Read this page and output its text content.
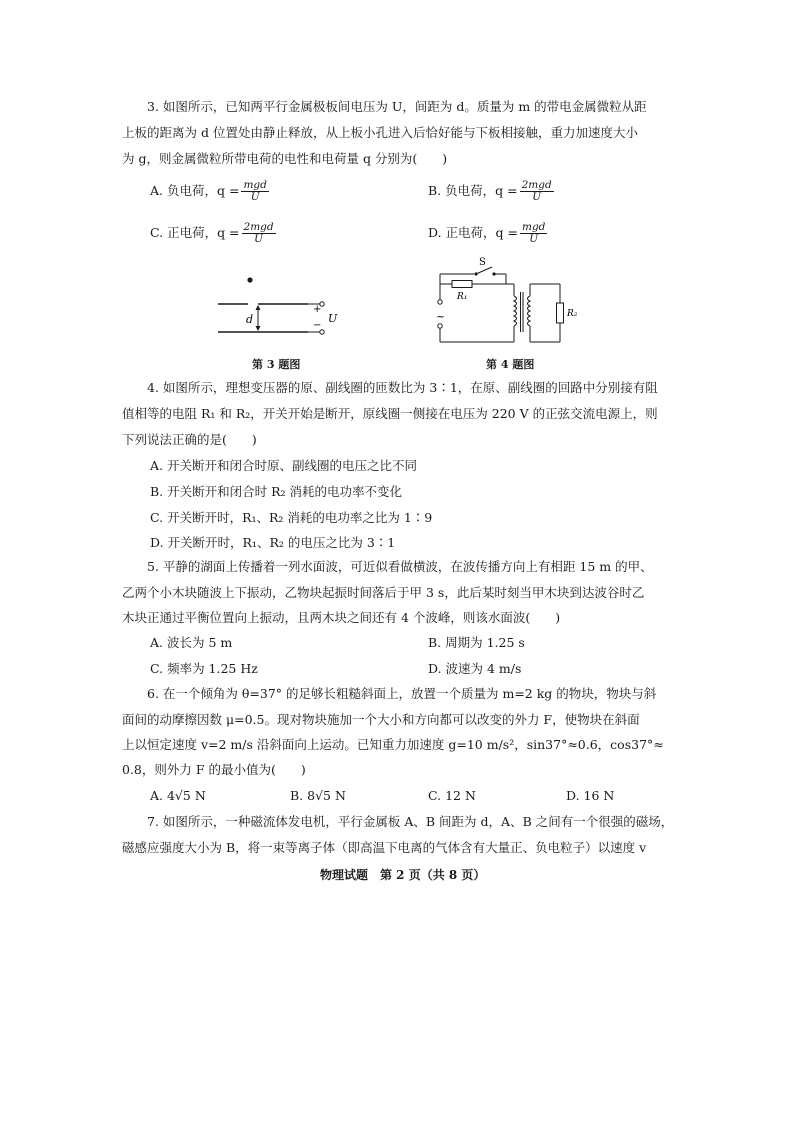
3. 如图所示，已知两平行金属极板间电压为 U，间距为 d。质量为 m 的带电金属微粒从距
上板的距离为 d 位置处由静止释放，从上板小孔进入后恰好能与下板相接触，重力加速度大小
为 g，则金属微粒所带电荷的电性和电荷量 q 分别为(　　)
A. 负电荷，$q = \frac{\text{mgd}}{U}$	B. 负电荷，$q = \frac{\text{2mgd}}{U}$
C. 正电荷，$q = \frac{\text{2mgd}}{U}$	D. 正电荷，$q = \frac{\text{mgd}}{U}$
d
+
−
U
第 3 题图
S
~
R₁
R₂
第 4 题图
4. 如图所示，理想变压器的原、副线圈的匝数比为 3∶1，在原、副线圈的回路中分别接有阻
值相等的电阻 R₁ 和 R₂，开关开始是断开，原线圈一侧接在电压为 220 V 的正弦交流电源上，则
下列说法正确的是(　　)
A. 开关断开和闭合时原、副线圈的电压之比不同
B. 开关断开和闭合时 R₂ 消耗的电功率不变化
C. 开关断开时，R₁、R₂ 消耗的电功率之比为 1∶9
D. 开关断开时，R₁、R₂ 的电压之比为 3∶1
5. 平静的湖面上传播着一列水面波，可近似看做横波，在波传播方向上有相距 15 m 的甲、
乙两个小木块随波上下振动，乙物块起振时间落后于甲 3 s，此后某时刻当甲木块到达波谷时乙
木块正通过平衡位置向上振动，且两木块之间还有 4 个波峰，则该水面波(　　)
A. 波长为 5 m	B. 周期为 1.25 s
C. 频率为 1.25 Hz	D. 波速为 4 m/s
6. 在一个倾角为 θ=37° 的足够长粗糙斜面上，放置一个质量为 m=2 kg 的物块，物块与斜
面间的动摩擦因数 μ=0.5。现对物块施加一个大小和方向都可以改变的外力 F，使物块在斜面
上以恒定速度 v=2 m/s 沿斜面向上运动。已知重力加速度 g=10 m/s²，sin37°≈0.6，cos37°≈
0.8，则外力 F 的最小值为(　　)
A. 4√5 N	B. 8√5 N	C. 12 N	D. 16 N
7. 如图所示，一种磁流体发电机，平行金属板 A、B 间距为 d，A、B 之间有一个很强的磁场，
磁感应强度大小为 B，将一束等离子体（即高温下电离的气体含有大量正、负电粒子）以速度 v
物理试题　第 2 页（共 8 页）
